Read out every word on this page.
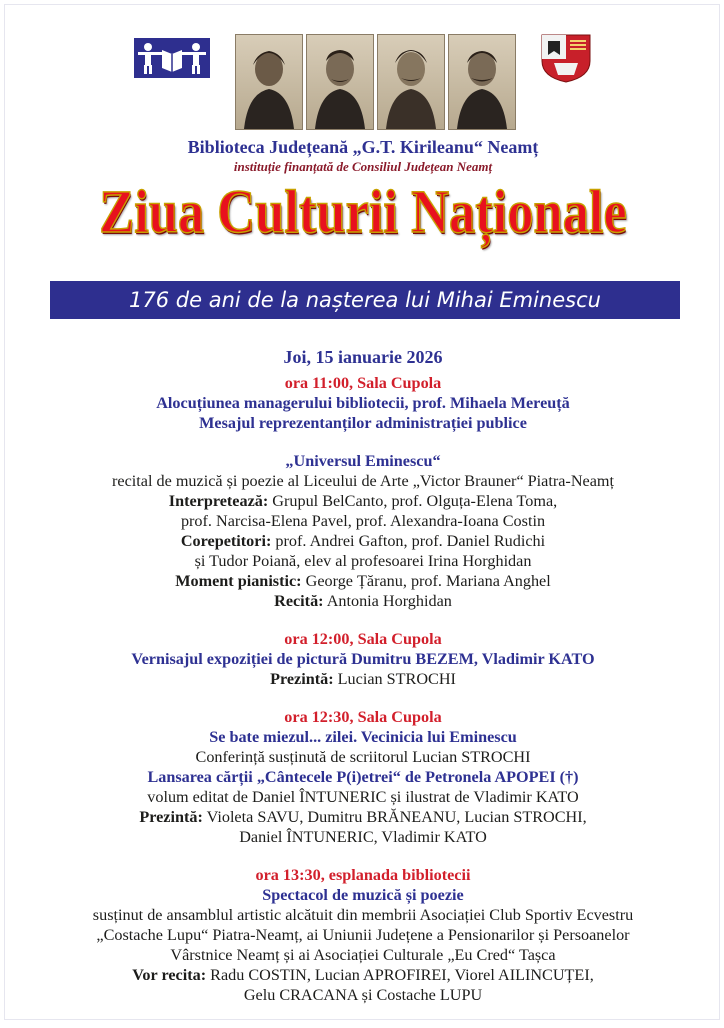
Biblioteca Județeană „G.T. Kirileanu“ Neamț
instituție finanțată de Consiliul Județean Neamț
Ziua Culturii Naționale
176 de ani de la nașterea lui Mihai Eminescu
Joi, 15 ianuarie 2026

ora 11:00, Sala Cupola

Alocuțiunea managerului bibliotecii, prof. Mihaela Mereuță

Mesajul reprezentanților administrației publice

„Universul Eminescu“

recital de muzică și poezie al Liceului de Arte „Victor Brauner“ Piatra-Neamț

Interpretează: Grupul BelCanto, prof. Olguța-Elena Toma,

prof. Narcisa-Elena Pavel, prof. Alexandra-Ioana Costin

Corepetitori: prof. Andrei Gafton, prof. Daniel Rudichi

și Tudor Poiană, elev al profesoarei Irina Horghidan

Moment pianistic: George Țăranu, prof. Mariana Anghel

Recită: Antonia Horghidan

ora 12:00, Sala Cupola

Vernisajul expoziției de pictură Dumitru BEZEM, Vladimir KATO

Prezintă: Lucian STROCHI

ora 12:30, Sala Cupola

Se bate miezul... zilei. Vecinicia lui Eminescu

Conferință susținută de scriitorul Lucian STROCHI

Lansarea cărții „Cântecele P(i)etrei“ de Petronela APOPEI (†)

volum editat de Daniel ÎNTUNERIC și ilustrat de Vladimir KATO

Prezintă: Violeta SAVU, Dumitru BRĂNEANU, Lucian STROCHI,

Daniel ÎNTUNERIC, Vladimir KATO

ora 13:30, esplanada bibliotecii

Spectacol de muzică și poezie

susținut de ansamblul artistic alcătuit din membrii Asociației Club Sportiv Ecvestru

„Costache Lupu“ Piatra-Neamț, ai Uniunii Județene a Pensionarilor și Persoanelor

Vârstnice Neamț și ai Asociației Culturale „Eu Cred“ Tașca

Vor recita: Radu COSTIN, Lucian APROFIREI, Viorel AILINCUȚEI,

Gelu CRACANA și Costache LUPU
